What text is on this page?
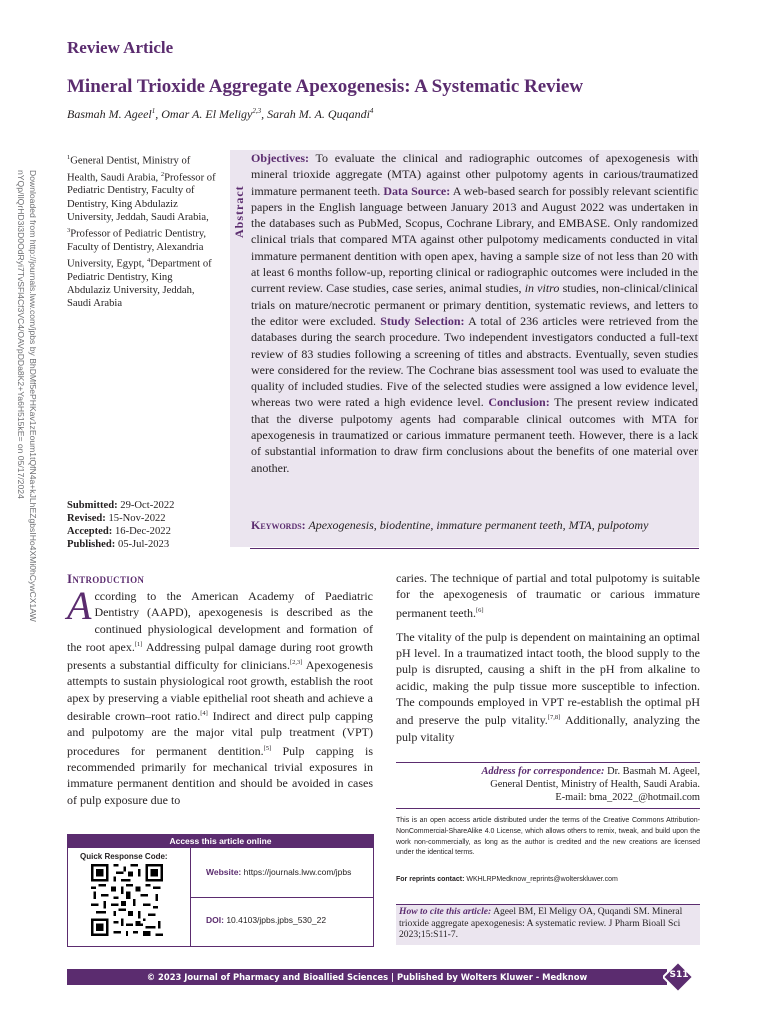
Downloaded from http://journals.lww.com/jpbs by BhDMf5ePHKav1zEoum1tQfN4a+kJLhEZgbsIHo4XMi0hCywCX1AW
nYQp/IlQrHD3i3D0OdRyi7TvSFl4Cf3VC4/OAVpDDa8K2+Ya6H515kE= on 05/17/2024
Review Article
Mineral Trioxide Aggregate Apexogenesis: A Systematic Review
Basmah M. Ageel$^1$, Omar A. El Meligy$^{2,3}$, Sarah M. A. Quqandi$^4$
$^1$General Dentist, Ministry of Health, Saudi Arabia, $^2$Professor of Pediatric Dentistry, Faculty of Dentistry, King Abdulaziz University, Jeddah, Saudi Arabia, $^3$Professor of Pediatric Dentistry, Faculty of Dentistry, Alexandria University, Egypt, $^4$Department of Pediatric Dentistry, King Abdulaziz University, Jeddah, Saudi Arabia
Submitted: 29-Oct-2022
Revised: 15-Nov-2022
Accepted: 16-Dec-2022
Published: 05-Jul-2023
Abstract
Objectives: To evaluate the clinical and radiographic outcomes of apexogenesis with mineral trioxide aggregate (MTA) against other pulpotomy agents in carious/traumatized immature permanent teeth. Data Source: A web-based search for possibly relevant scientific papers in the English language between January 2013 and August 2022 was undertaken in the databases such as PubMed, Scopus, Cochrane Library, and EMBASE. Only randomized clinical trials that compared MTA against other pulpotomy medicaments conducted in vital immature permanent dentition with open apex, having a sample size of not less than 20 with at least 6 months follow-up, reporting clinical or radiographic outcomes were included in the current review. Case studies, case series, animal studies, in vitro studies, non-clinical/clinical trials on mature/necrotic permanent or primary dentition, systematic reviews, and letters to the editor were excluded. Study Selection: A total of 236 articles were retrieved from the databases during the search procedure. Two independent investigators conducted a full-text review of 83 studies following a screening of titles and abstracts. Eventually, seven studies were considered for the review. The Cochrane bias assessment tool was used to evaluate the quality of included studies. Five of the selected studies were assigned a low evidence level, whereas two were rated a high evidence level. Conclusion: The present review indicated that the diverse pulpotomy agents had comparable clinical outcomes with MTA for apexogenesis in traumatized or carious immature permanent teeth. However, there is a lack of substantial information to draw firm conclusions about the benefits of one material over another.
Keywords: Apexogenesis, biodentine, immature permanent teeth, MTA, pulpotomy
Introduction
According to the American Academy of Paediatric Dentistry (AAPD), apexogenesis is described as the continued physiological development and formation of the root apex.[1] Addressing pulpal damage during root growth presents a substantial difficulty for clinicians.[2,3] Apexogenesis attempts to sustain physiological root growth, establish the root apex by preserving a viable epithelial root sheath and achieve a desirable crown–root ratio.[4] Indirect and direct pulp capping and pulpotomy are the major vital pulp treatment (VPT) procedures for permanent dentition.[5] Pulp capping is recommended primarily for mechanical trivial exposures in immature permanent dentition and should be avoided in cases of pulp exposure due to

caries. The technique of partial and total pulpotomy is suitable for the apexogenesis of traumatic or carious immature permanent teeth.[6]

The vitality of the pulp is dependent on maintaining an optimal pH level. In a traumatized intact tooth, the blood supply to the pulp is disrupted, causing a shift in the pH from alkaline to acidic, making the pulp tissue more susceptible to infection. The compounds employed in VPT re-establish the optimal pH and preserve the pulp vitality.[7,8] Additionally, analyzing the pulp vitality

Address for correspondence: Dr. Basmah M. Ageel,
General Dentist, Ministry of Health, Saudi Arabia.
E-mail: bma_2022_@hotmail.com
This is an open access article distributed under the terms of the Creative Commons Attribution-NonCommercial-ShareAlike 4.0 License, which allows others to remix, tweak, and build upon the work non-commercially, as long as the author is credited and the new creations are licensed under the identical terms.
For reprints contact: WKHLRPMedknow_reprints@wolterskluwer.com
How to cite this article: Ageel BM, El Meligy OA, Quqandi SM. Mineral trioxide aggregate apexogenesis: A systematic review. J Pharm Bioall Sci 2023;15:S11-7.
Access this article online
Quick Response Code:
Website: https://journals.lww.com/jpbs
DOI: 10.4103/jpbs.jpbs_530_22
© 2023 Journal of Pharmacy and Bioallied Sciences | Published by Wolters Kluwer - Medknow	S11
